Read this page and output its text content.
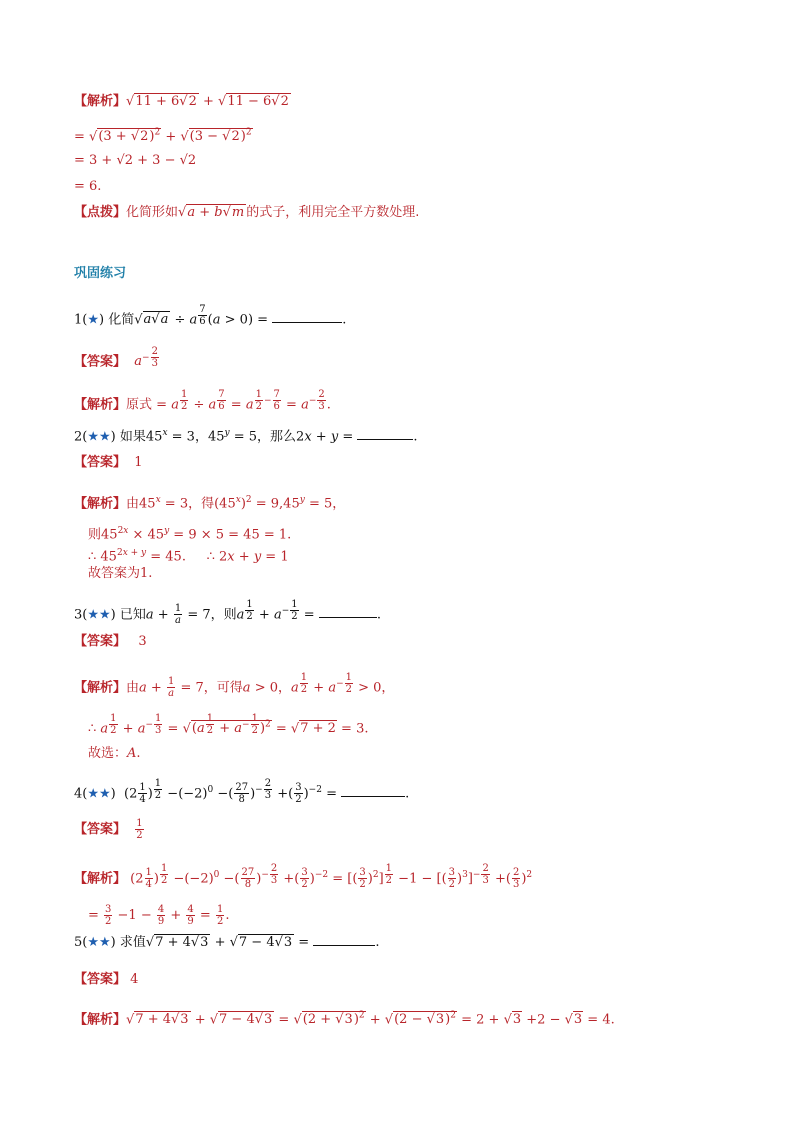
【解析】√11 + 6√2 + √11 − 6√2
= $√(3 + √2)^2 + √(3 - √2)^2$
= 3 + √2 + 3 − √2
= 6.
【点拨】化简形如√a + b√m 的式子，利用完全平方数处理.
巩固练习
1(★) 化简√a√a ÷ a $^{\frac{7}{6}}$ (a > 0) =	.
【答案】 $a^{- \frac{2}{3}}$
【解析】原式 = a $^{\frac{1}{2}}$ ÷ a $^{\frac{7}{6}}$ = a $^{\frac{1}{2} - \frac{7}{6}} = a^{- \frac{2}{3}}$ .
2(★★) 如果$45^x = 3$，$45^y = 5$，那么2x + y =	.
【答案】 1
【解析】由$45^x = 3$，得$(45^x)^2 = 9,45^y = 5$，
则$45^{2x} \times 45^y = 9 \times 5 = 45 = 1$.
∴ $45^{2x + y} = 45$.     ∴ 2x + y = 1
故答案为1.
3(★★) 已知$a + \frac{1}{a} = 7$，则a $^{\frac{1}{2}} + a^{- \frac{1}{2}}$ =	.
【答案】 3
【解析】由$a + \frac{1}{a} = 7$，可得a > 0，a $^{\frac{1}{2}} + a^{- \frac{1}{2}} > 0$，
∴ a $^{\frac{1}{2}} + a^{- \frac{1}{3}} = √(a$ $^{\frac{1}{2}} + a^{- \frac{1}{2}}$ )$^2$ = √7 + 2 = 3.
故选：A.
4(★★)  ($2 \frac{1}{4}$ ) $^{\frac{1}{2}} -(-2)^0$ −( $\frac{27}{8} )^{- \frac{2}{3}}$ +( $\frac{3}{2} )^{-2}$ =	.
【答案】 $\frac{1}{2}$
【解析】 ($2 \frac{1}{4}$ ) $^{\frac{1}{2}} -(-2)^0$ −( $\frac{27}{8} )^{- \frac{2}{3}}$ +( $\frac{3}{2} )^{-2}$ = [( $\frac{3}{2} )^2$] $^{\frac{1}{2}}$ −1 − [( $\frac{3}{2} )^3]^{- \frac{2}{3}}$ +( $\frac{2}{3} )^2$
= $\frac{3}{2} -1 - \frac{4}{9} + \frac{4}{9} = \frac{1}{2}$ .
5(★★) 求值√7 + 4√3 + √7 − 4√3 =	.
【答案】 4
【解析】$√7 + 4√3 + √7 - 4√3 = √(2 + √3)^2 + √(2 - √3)^2 = 2 + √3 +2 - √3 = 4$.
